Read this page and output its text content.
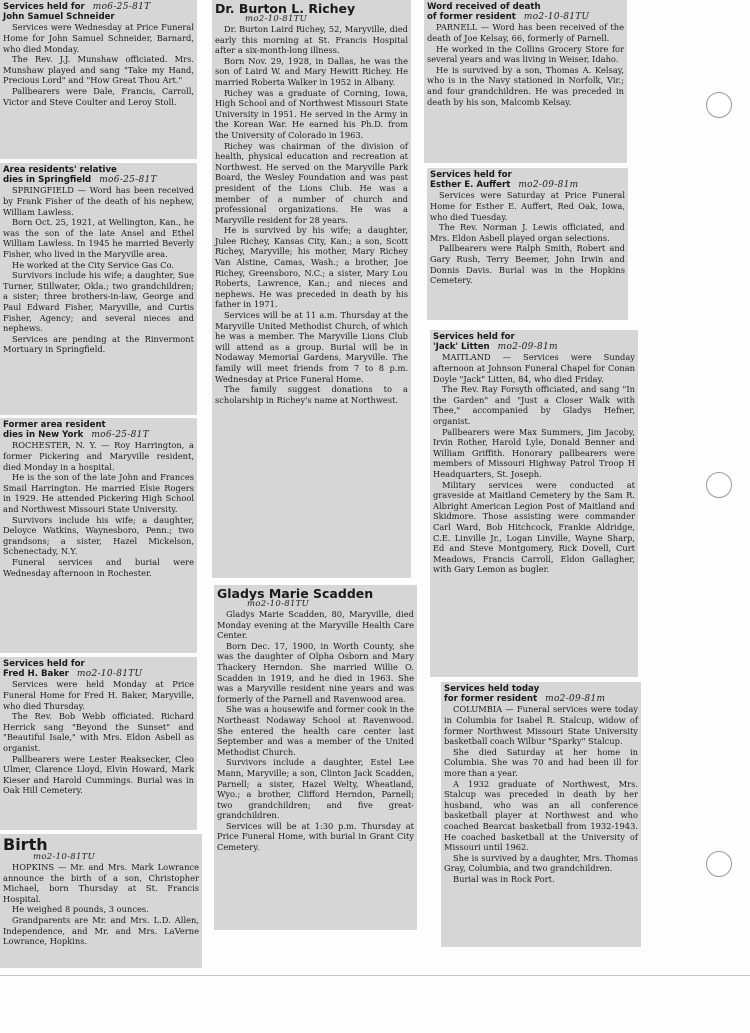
Services held for mo6-25-81T
John Samuel Schneider

Services were Wednesday at Price Funeral Home for John Samuel Schneider, Barnard, who died Monday.

The Rev. J.J. Munshaw officiated. Mrs. Munshaw played and sang "Take my Hand, Precious Lord" and "How Great Thou Art."

Pallbearers were Dale, Francis, Carroll, Victor and Steve Coulter and Leroy Stoll.

Area residents' relative
dies in Springfield mo6-25-81T

SPRINGFIELD — Word has been received by Frank Fisher of the death of his nephew, William Lawless.

Born Oct. 25, 1921, at Wellington, Kan., he was the son of the late Ansel and Ethel William Lawless. In 1945 he married Beverly Fisher, who lived in the Maryville area.

He worked at the City Service Gas Co.

Survivors include his wife; a daughter, Sue Turner, Stillwater, Okla.; two grandchildren; a sister; three brothers-in-law, George and Paul Edward Fisher, Maryville, and Curtis Fisher, Agency; and several nieces and nephews.

Services are pending at the Rinvermont Mortuary in Springfield.

Former area resident
dies in New York mo6-25-81T

ROCHESTER, N. Y. — Roy Harrington, a former Pickering and Maryville resident, died Monday in a hospital.

He is the son of the late John and Frances Smail Harrington. He married Elsie Rogers in 1929. He attended Pickering High School and Northwest Missouri State University.

Survivors include his wife; a daughter, Deloyce Watkins, Waynesboro, Penn.; two grandsons; a sister, Hazel Mickelson, Schenectady, N.Y.

Funeral services and burial were Wednesday afternoon in Rochester.

Services held for
Fred H. Baker mo2-10-81TU

Services were held Monday at Price Funeral Home for Fred H. Baker, Maryville, who died Thursday.

The Rev. Bob Webb officiated. Richard Herrick sang "Beyond the Sunset" and "Beautiful Isale," with Mrs. Eldon Asbell as organist.

Pallbearers were Lester Reaksecker, Cleo Ulmer, Clarence Lloyd, Elvin Howard, Mark Kieser and Harold Cummings. Burial was in Oak Hill Cemetery.

Birth
mo2-10-81TU

HOPKINS — Mr. and Mrs. Mark Lowrance announce the birth of a son, Christopher Michael, born Thursday at St. Francis Hospital.

He weighed 8 pounds, 3 ounces.

Grandparents are Mr. and Mrs. L.D. Allen, Independence, and Mr. and Mrs. LaVerne Lowrance, Hopkins.

Dr. Burton L. Richey
mo2-10-81TU

Dr. Burton Laird Richey, 52, Maryville, died early this morning at St. Francis Hospital after a six-month-long illness.

Born Nov. 29, 1928, in Dallas, he was the son of Laird W. and Mary Hewitt Richey. He married Roberta Walker in 1952 in Albany.

Richey was a graduate of Corning, Iowa, High School and of Northwest Missouri State University in 1951. He served in the Army in the Korean War. He earned his Ph.D. from the University of Colorado in 1963.

Richey was chairman of the division of health, physical education and recreation at Northwest. He served on the Maryville Park Board, the Wesley Foundation and was past president of the Lions Club. He was a member of a number of church and professional organizations. He was a Maryville resident for 28 years.

He is survived by his wife; a daughter, Julee Richey, Kansas City, Kan.; a son, Scott Richey, Maryville; his mother, Mary Richey Van Alstine, Camas, Wash.; a brother, Joe Richey, Greensboro, N.C.; a sister, Mary Lou Roberts, Lawrence, Kan.; and nieces and nephews. He was preceded in death by his father in 1971.

Services will be at 11 a.m. Thursday at the Maryville United Methodist Church, of which he was a member. The Maryville Lions Club will attend as a group. Burial will be in Nodaway Memorial Gardens, Maryville. The family will meet friends from 7 to 8 p.m. Wednesday at Price Funeral Home.

The family suggest donations to a scholarship in Richey's name at Northwest.

Gladys Marie Scadden
mo2-10-81TU

Gladys Marie Scadden, 80, Maryville, died Monday evening at the Maryville Health Care Center.

Born Dec. 17, 1900, in Worth County, she was the daughter of Olpha Osborn and Mary Thackery Herndon. She married Willie O. Scadden in 1919, and he died in 1963. She was a Maryville resident nine years and was formerly of the Parnell and Ravenwood area.

She was a housewife and former cook in the Northeast Nodaway School at Ravenwood. She entered the health care center last September and was a member of the United Methodist Church.

Survivors include a daughter, Estel Lee Mann, Maryville; a son, Clinton Jack Scadden, Parnell; a sister, Hazel Welty, Wheatland, Wyo.; a brother, Clifford Herndon, Parnell; two grandchildren; and five great-grandchildren.

Services will be at 1:30 p.m. Thursday at Price Funeral Home, with burial in Grant City Cemetery.

Word received of death
of former resident mo2-10-81TU

PARNELL — Word has been received of the death of Joe Kelsay, 66, formerly of Parnell.

He worked in the Collins Grocery Store for several years and was living in Weiser, Idaho.

He is survived by a son, Thomas A. Kelsay, who is in the Navy stationed in Norfolk, Vir.; and four grandchildren. He was preceded in death by his son, Malcomb Kelsay.

Services held for
Esther E. Auffert mo2-09-81m

Services were Saturday at Price Funeral Home for Esther E. Auffert, Red Oak, Iowa, who died Tuesday.

The Rev. Norman J. Lewis officiated, and Mrs. Eldon Asbell played organ selections.

Pallbearers were Ralph Smith, Robert and Gary Rush, Terry Beemer, John Irwin and Donnis Davis. Burial was in the Hopkins Cemetery.

Services held for
'Jack' Litten mo2-09-81m

MAITLAND — Services were Sunday afternoon at Johnson Funeral Chapel for Conan Doyle "Jack" Litten, 84, who died Friday.

The Rev. Ray Forsyth officiated, and sang "In the Garden" and "Just a Closer Walk with Thee," accompanied by Gladys Hefner, organist.

Pallbearers were Max Summers, Jim Jacoby, Irvin Rother, Harold Lyle, Donald Benner and William Griffith. Honorary pallbearers were members of Missouri Highway Patrol Troop H Headquarters, St. Joseph.

Military services were conducted at graveside at Maitland Cemetery by the Sam R. Albright American Legion Post of Maitland and Skidmore. Those assisting were commander Carl Ward, Bob Hitchcock, Frankie Aldridge, C.E. Linville Jr., Logan Linville, Wayne Sharp, Ed and Steve Montgomery, Rick Dovell, Curt Meadows, Francis Carroll, Eldon Gallagher, with Gary Lemon as bugler.

Services held today
for former resident mo2-09-81m

COLUMBIA — Funeral services were today in Columbia for Isabel R. Stalcup, widow of former Northwest Missouri State University basketball coach Wilbur "Sparky" Stalcup.

She died Saturday at her home in Columbia. She was 70 and had been ill for more than a year.

A 1932 graduate of Northwest, Mrs. Stalcup was preceded in death by her husband, who was an all conference basketball player at Northwest and who coached Bearcat basketball from 1932-1943. He coached basketball at the University of Missouri until 1962.

She is survived by a daughter, Mrs. Thomas Gray, Columbia, and two grandchildren.

Burial was in Rock Port.
